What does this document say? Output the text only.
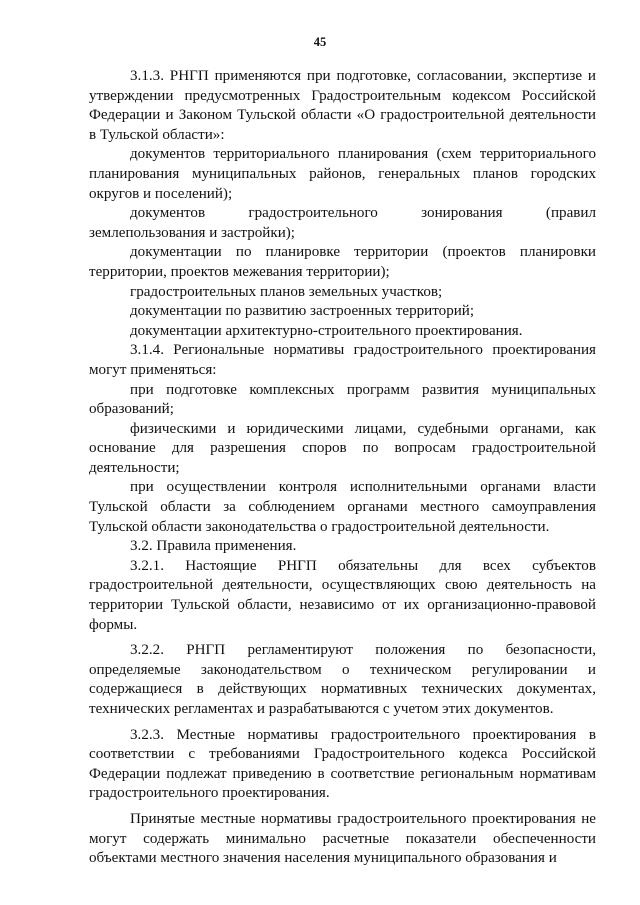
45

3.1.3. РНГП применяются при подготовке, согласовании, экспертизе и утверждении предусмотренных Градостроительным кодексом Российской Федерации и Законом Тульской области «О градостроительной деятельности в Тульской области»:

документов территориального планирования (схем территориального планирования муниципальных районов, генеральных планов городских округов и поселений);

документов градостроительного зонирования (правил землепользования и застройки);

документации по планировке территории (проектов планировки территории, проектов межевания территории);

градостроительных планов земельных участков;

документации по развитию застроенных территорий;

документации архитектурно-строительного проектирования.

3.1.4. Региональные нормативы градостроительного проектирования могут применяться:

при подготовке комплексных программ развития муниципальных образований;

физическими и юридическими лицами, судебными органами, как основание для разрешения споров по вопросам градостроительной деятельности;

при осуществлении контроля исполнительными органами власти Тульской области за соблюдением органами местного самоуправления Тульской области законодательства о градостроительной деятельности.

3.2. Правила применения.

3.2.1. Настоящие РНГП обязательны для всех субъектов градостроительной деятельности, осуществляющих свою деятельность на территории Тульской области, независимо от их организационно-правовой формы.

3.2.2. РНГП регламентируют положения по безопасности, определяемые законодательством о техническом регулировании и содержащиеся в действующих нормативных технических документах, технических регламентах и разрабатываются с учетом этих документов.

3.2.3. Местные нормативы градостроительного проектирования в соответствии с требованиями Градостроительного кодекса Российской Федерации подлежат приведению в соответствие региональным нормативам градостроительного проектирования.

Принятые местные нормативы градостроительного проектирования не могут содержать минимально расчетные показатели обеспеченности объектами местного значения населения муниципального образования и
